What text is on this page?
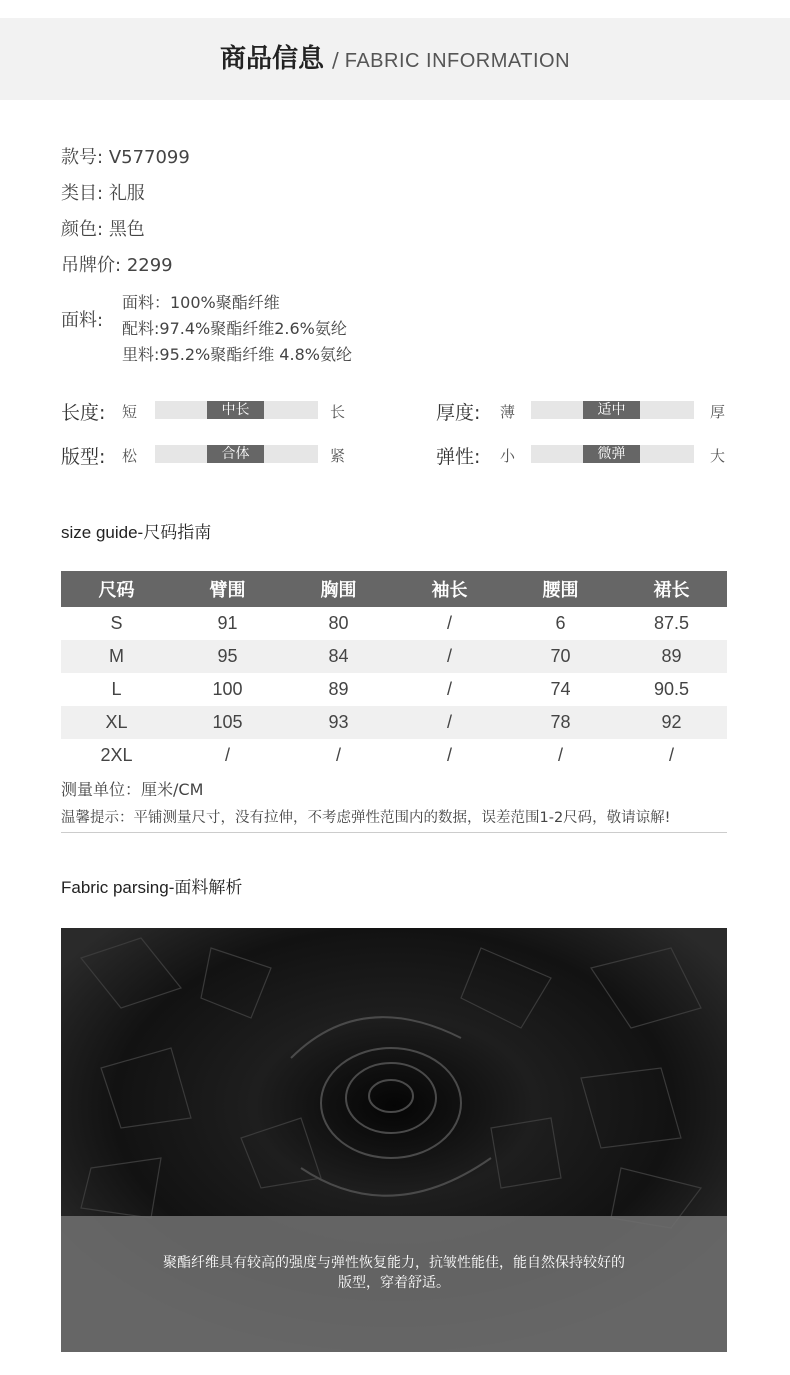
商品信息 / FABRIC INFORMATION
款号: V577099
类目: 礼服
颜色: 黑色
吊牌价: 2299
面料:
面料：100%聚酯纤维
配料:97.4%聚酯纤维2.6%氨纶
里料:95.2%聚酯纤维 4.8%氨纶
长度: 短	中长	长	厚度: 薄	适中	厚
版型: 松	合体	紧	弹性: 小	微弹	大
size guide-尺码指南
尺码	臂围	胸围	袖长	腰围	裙长
S	91	80	/	6	87.5
M	95	84	/	70	89
L	100	89	/	74	90.5
XL	105	93	/	78	92
2XL	/	/	/	/	/
测量单位：厘米/CM
温馨提示：平铺测量尺寸，没有拉伸，不考虑弹性范围内的数据，误差范围1-2尺码，敬请谅解!
Fabric parsing-面料解析
聚酯纤维具有较高的强度与弹性恢复能力，抗皱性能佳，能自然保持较好的
版型，穿着舒适。
